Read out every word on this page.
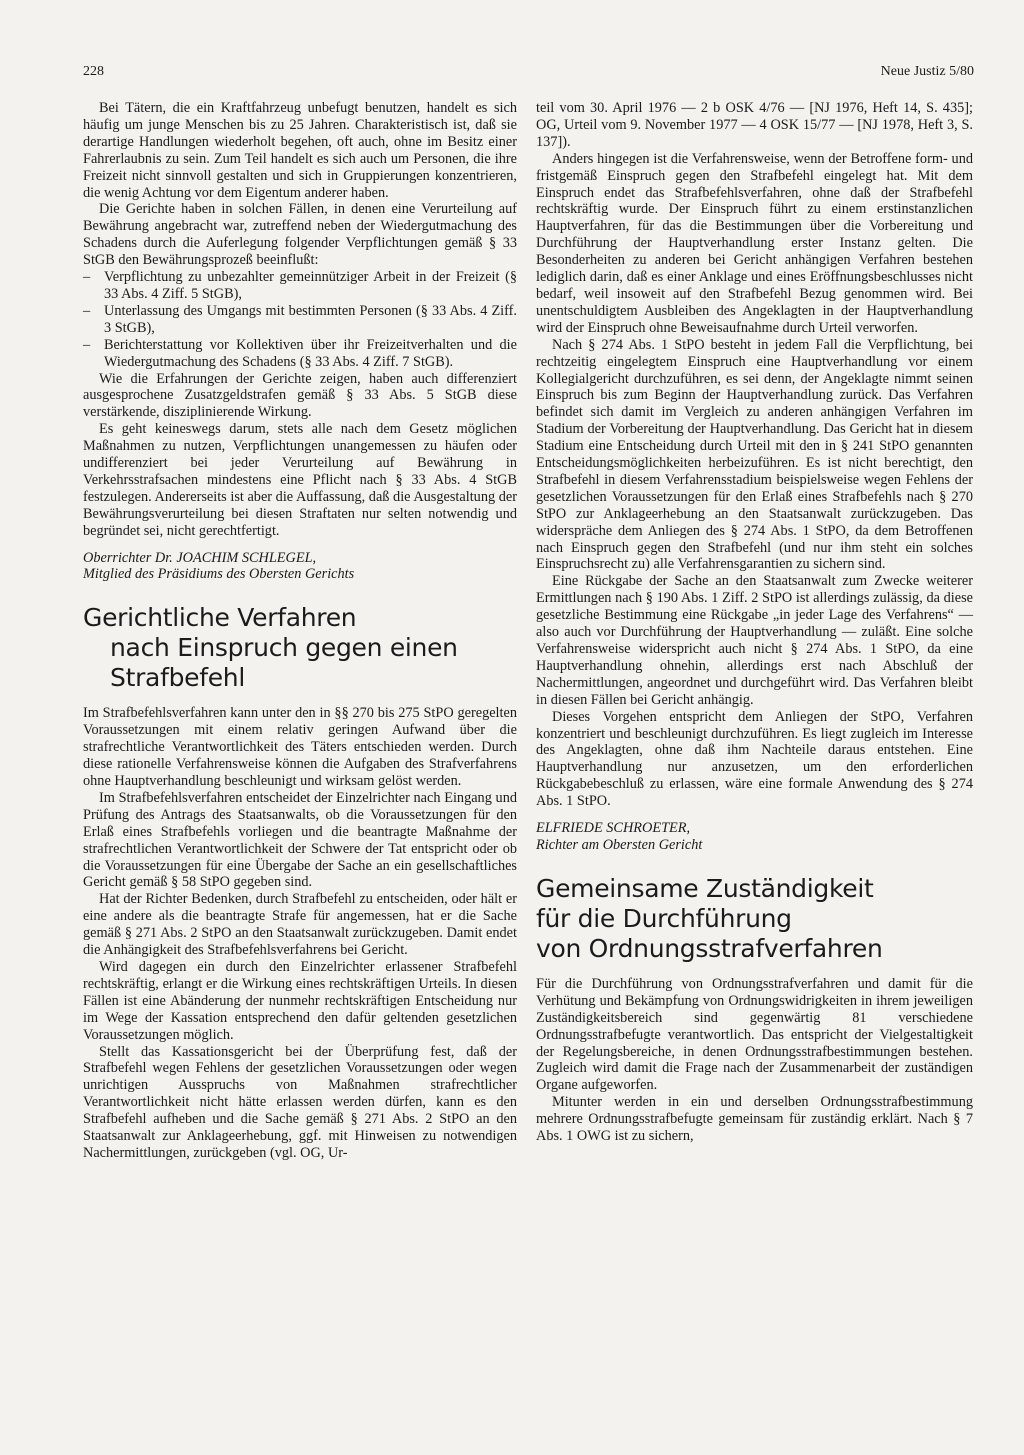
228	Neue Justiz 5/80

Bei Tätern, die ein Kraftfahrzeug unbefugt benutzen, handelt es sich häufig um junge Menschen bis zu 25 Jahren. Charakteristisch ist, daß sie derartige Handlungen wiederholt begehen, oft auch, ohne im Besitz einer Fahrerlaubnis zu sein. Zum Teil handelt es sich auch um Personen, die ihre Freizeit nicht sinnvoll gestalten und sich in Gruppierungen konzentrieren, die wenig Achtung vor dem Eigentum anderer haben.

Die Gerichte haben in solchen Fällen, in denen eine Verurteilung auf Bewährung angebracht war, zutreffend neben der Wiedergutmachung des Schadens durch die Auferlegung folgender Verpflichtungen gemäß § 33 StGB den Bewährungsprozeß beeinflußt:

– Verpflichtung zu unbezahlter gemeinnütziger Arbeit in der Freizeit (§ 33 Abs. 4 Ziff. 5 StGB),
– Unterlassung des Umgangs mit bestimmten Personen (§ 33 Abs. 4 Ziff. 3 StGB),
– Berichterstattung vor Kollektiven über ihr Freizeitverhalten und die Wiedergutmachung des Schadens (§ 33 Abs. 4 Ziff. 7 StGB).

Wie die Erfahrungen der Gerichte zeigen, haben auch differenziert ausgesprochene Zusatzgeldstrafen gemäß § 33 Abs. 5 StGB diese verstärkende, disziplinierende Wirkung.

Es geht keineswegs darum, stets alle nach dem Gesetz möglichen Maßnahmen zu nutzen, Verpflichtungen unangemessen zu häufen oder undifferenziert bei jeder Verurteilung auf Bewährung in Verkehrsstrafsachen mindestens eine Pflicht nach § 33 Abs. 4 StGB festzulegen. Andererseits ist aber die Auffassung, daß die Ausgestaltung der Bewährungsverurteilung bei diesen Straftaten nur selten notwendig und begründet sei, nicht gerechtfertigt.

Oberrichter Dr. JOACHIM SCHLEGEL,
Mitglied des Präsidiums des Obersten Gerichts
Gerichtliche Verfahren
nach Einspruch gegen einen Strafbefehl

Im Strafbefehlsverfahren kann unter den in §§ 270 bis 275 StPO geregelten Voraussetzungen mit einem relativ geringen Aufwand über die strafrechtliche Verantwortlichkeit des Täters entschieden werden. Durch diese rationelle Verfahrensweise können die Aufgaben des Strafverfahrens ohne Hauptverhandlung beschleunigt und wirksam gelöst werden.

Im Strafbefehlsverfahren entscheidet der Einzelrichter nach Eingang und Prüfung des Antrags des Staatsanwalts, ob die Voraussetzungen für den Erlaß eines Strafbefehls vorliegen und die beantragte Maßnahme der strafrechtlichen Verantwortlichkeit der Schwere der Tat entspricht oder ob die Voraussetzungen für eine Übergabe der Sache an ein gesellschaftliches Gericht gemäß § 58 StPO gegeben sind.

Hat der Richter Bedenken, durch Strafbefehl zu entscheiden, oder hält er eine andere als die beantragte Strafe für angemessen, hat er die Sache gemäß § 271 Abs. 2 StPO an den Staatsanwalt zurückzugeben. Damit endet die Anhängigkeit des Strafbefehlsverfahrens bei Gericht.

Wird dagegen ein durch den Einzelrichter erlassener Strafbefehl rechtskräftig, erlangt er die Wirkung eines rechtskräftigen Urteils. In diesen Fällen ist eine Abänderung der nunmehr rechtskräftigen Entscheidung nur im Wege der Kassation entsprechend den dafür geltenden gesetzlichen Voraussetzungen möglich.

Stellt das Kassationsgericht bei der Überprüfung fest, daß der Strafbefehl wegen Fehlens der gesetzlichen Voraussetzungen oder wegen unrichtigen Ausspruchs von Maßnahmen strafrechtlicher Verantwortlichkeit nicht hätte erlassen werden dürfen, kann es den Strafbefehl aufheben und die Sache gemäß § 271 Abs. 2 StPO an den Staatsanwalt zur Anklageerhebung, ggf. mit Hinweisen zu notwendigen Nachermittlungen, zurückgeben (vgl. OG, Ur-

teil vom 30. April 1976 — 2 b OSK 4/76 — [NJ 1976, Heft 14, S. 435]; OG, Urteil vom 9. November 1977 — 4 OSK 15/77 — [NJ 1978, Heft 3, S. 137]).

Anders hingegen ist die Verfahrensweise, wenn der Betroffene form- und fristgemäß Einspruch gegen den Strafbefehl eingelegt hat. Mit dem Einspruch endet das Strafbefehlsverfahren, ohne daß der Strafbefehl rechtskräftig wurde. Der Einspruch führt zu einem erstinstanzlichen Hauptverfahren, für das die Bestimmungen über die Vorbereitung und Durchführung der Hauptverhandlung erster Instanz gelten. Die Besonderheiten zu anderen bei Gericht anhängigen Verfahren bestehen lediglich darin, daß es einer Anklage und eines Eröffnungsbeschlusses nicht bedarf, weil insoweit auf den Strafbefehl Bezug genommen wird. Bei unentschuldigtem Ausbleiben des Angeklagten in der Hauptverhandlung wird der Einspruch ohne Beweisaufnahme durch Urteil verworfen.

Nach § 274 Abs. 1 StPO besteht in jedem Fall die Verpflichtung, bei rechtzeitig eingelegtem Einspruch eine Hauptverhandlung vor einem Kollegialgericht durchzuführen, es sei denn, der Angeklagte nimmt seinen Einspruch bis zum Beginn der Hauptverhandlung zurück. Das Verfahren befindet sich damit im Vergleich zu anderen anhängigen Verfahren im Stadium der Vorbereitung der Hauptverhandlung. Das Gericht hat in diesem Stadium eine Entscheidung durch Urteil mit den in § 241 StPO genannten Entscheidungsmöglichkeiten herbeizuführen. Es ist nicht berechtigt, den Strafbefehl in diesem Verfahrensstadium beispielsweise wegen Fehlens der gesetzlichen Voraussetzungen für den Erlaß eines Strafbefehls nach § 270 StPO zur Anklageerhebung an den Staatsanwalt zurückzugeben. Das widerspräche dem Anliegen des § 274 Abs. 1 StPO, da dem Betroffenen nach Einspruch gegen den Strafbefehl (und nur ihm steht ein solches Einspruchsrecht zu) alle Verfahrensgarantien zu sichern sind.

Eine Rückgabe der Sache an den Staatsanwalt zum Zwecke weiterer Ermittlungen nach § 190 Abs. 1 Ziff. 2 StPO ist allerdings zulässig, da diese gesetzliche Bestimmung eine Rückgabe „in jeder Lage des Verfahrens“ — also auch vor Durchführung der Hauptverhandlung — zuläßt. Eine solche Verfahrensweise widerspricht auch nicht § 274 Abs. 1 StPO, da eine Hauptverhandlung ohnehin, allerdings erst nach Abschluß der Nachermittlungen, angeordnet und durchgeführt wird. Das Verfahren bleibt in diesen Fällen bei Gericht anhängig.

Dieses Vorgehen entspricht dem Anliegen der StPO, Verfahren konzentriert und beschleunigt durchzuführen. Es liegt zugleich im Interesse des Angeklagten, ohne daß ihm Nachteile daraus entstehen. Eine Hauptverhandlung nur anzusetzen, um den erforderlichen Rückgabebeschluß zu erlassen, wäre eine formale Anwendung des § 274 Abs. 1 StPO.

ELFRIEDE SCHROETER,
Richter am Obersten Gericht
Gemeinsame Zuständigkeit
für die Durchführung
von Ordnungsstrafverfahren

Für die Durchführung von Ordnungsstrafverfahren und damit für die Verhütung und Bekämpfung von Ordnungswidrigkeiten in ihrem jeweiligen Zuständigkeitsbereich sind gegenwärtig 81 verschiedene Ordnungsstrafbefugte verantwortlich. Das entspricht der Vielgestaltigkeit der Regelungsbereiche, in denen Ordnungsstrafbestimmungen bestehen. Zugleich wird damit die Frage nach der Zusammenarbeit der zuständigen Organe aufgeworfen.

Mitunter werden in ein und derselben Ordnungsstrafbestimmung mehrere Ordnungsstrafbefugte gemeinsam für zuständig erklärt. Nach § 7 Abs. 1 OWG ist zu sichern,
